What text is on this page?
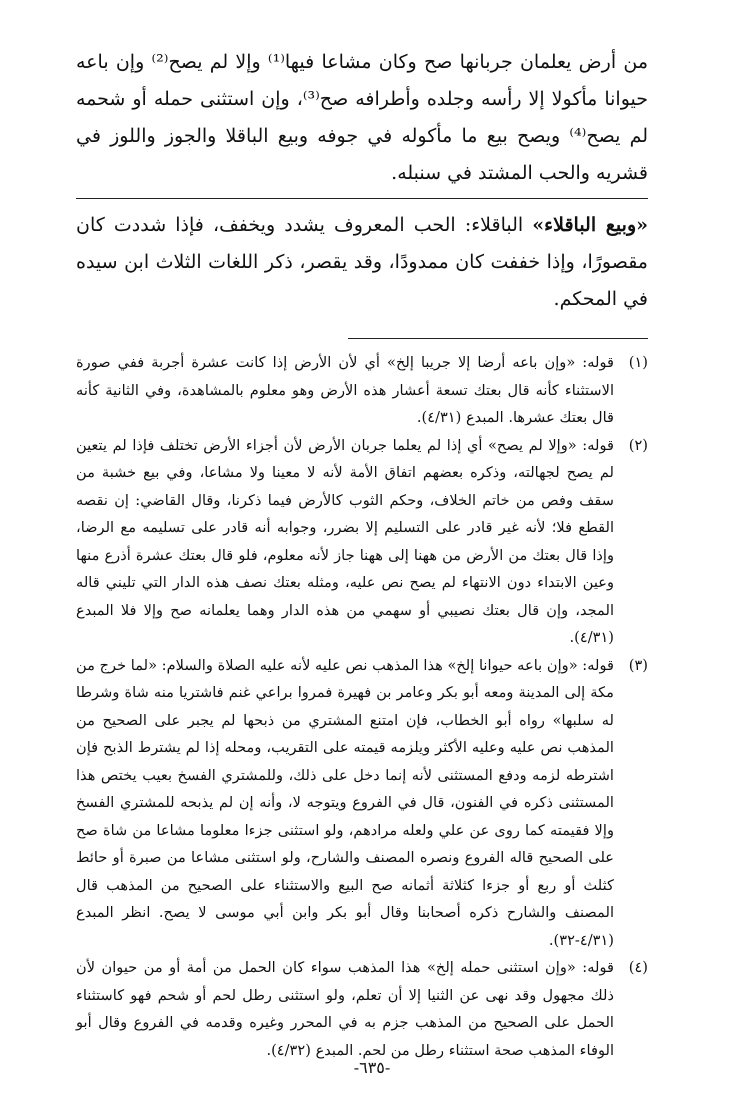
من أرض يعلمان جربانها صح وكان مشاعا فيها⁽¹⁾ وإلا لم يصح⁽²⁾ وإن باعه حيوانا مأكولا إلا رأسه وجلده وأطرافه صح⁽³⁾، وإن استثنى حمله أو شحمه لم يصح⁽⁴⁾ ويصح بيع ما مأكوله في جوفه وبيع الباقلا والجوز واللوز في قشريه والحب المشتد في سنبله.

«وبيع الباقلاء» الباقلاء: الحب المعروف يشدد ويخفف، فإذا شددت كان مقصورًا، وإذا خففت كان ممدودًا، وقد يقصر، ذكر اللغات الثلاث ابن سيده في المحكم.

(١)
قوله: «وإن باعه أرضا إلا جريبا إلخ» أي لأن الأرض إذا كانت عشرة أجربة ففي صورة الاستثناء كأنه قال بعتك تسعة أعشار هذه الأرض وهو معلوم بالمشاهدة، وفي الثانية كأنه قال بعتك عشرها. المبدع (٤/٣١).

(٢)
قوله: «وإلا لم يصح» أي إذا لم يعلما جربان الأرض لأن أجزاء الأرض تختلف فإذا لم يتعين لم يصح لجهالته، وذكره بعضهم اتفاق الأمة لأنه لا معينا ولا مشاعا، وفي بيع خشبة من سقف وفص من خاتم الخلاف، وحكم الثوب كالأرض فيما ذكرنا، وقال القاضي: إن نقصه القطع فلا؛ لأنه غير قادر على التسليم إلا بضرر، وجوابه أنه قادر على تسليمه مع الرضا، وإذا قال بعتك من الأرض من ههنا إلى ههنا جاز لأنه معلوم، فلو قال بعتك عشرة أذرع منها وعين الابتداء دون الانتهاء لم يصح نص عليه، ومثله بعتك نصف هذه الدار التي تليني قاله المجد، وإن قال بعتك نصيبي أو سهمي من هذه الدار وهما يعلمانه صح وإلا فلا المبدع (٤/٣١).

(٣)
قوله: «وإن باعه حيوانا إلخ» هذا المذهب نص عليه لأنه عليه الصلاة والسلام: «لما خرج من مكة إلى المدينة ومعه أبو بكر وعامر بن فهيرة فمروا براعي غنم فاشتريا منه شاة وشرطا له سلبها» رواه أبو الخطاب، فإن امتنع المشتري من ذبحها لم يجبر على الصحيح من المذهب نص عليه وعليه الأكثر ويلزمه قيمته على التقريب، ومحله إذا لم يشترط الذبح فإن اشترطه لزمه ودفع المستثنى لأنه إنما دخل على ذلك، وللمشتري الفسخ بعيب يختص هذا المستثنى ذكره في الفنون، قال في الفروع ويتوجه لا، وأنه إن لم يذبحه للمشتري الفسخ وإلا فقيمته كما روى عن علي ولعله مرادهم، ولو استثنى جزءا معلوما مشاعا من شاة صح على الصحيح قاله الفروع ونصره المصنف والشارح، ولو استثنى مشاعا من صبرة أو حائط كثلث أو ربع أو جزءا كثلاثة أثمانه صح البيع والاستثناء على الصحيح من المذهب قال المصنف والشارح ذكره أصحابنا وقال أبو بكر وابن أبي موسى لا يصح. انظر المبدع (٤/٣١-٣٢).

(٤)
قوله: «وإن استثنى حمله إلخ» هذا المذهب سواء كان الحمل من أمة أو من حيوان لأن ذلك مجهول وقد نهى عن الثنيا إلا أن تعلم، ولو استثنى رطل لحم أو شحم فهو كاستثناء الحمل على الصحيح من المذهب جزم به في المحرر وغيره وقدمه في الفروع وقال أبو الوفاء المذهب صحة استثناء رطل من لحم. المبدع (٤/٣٢).

-٦٣٥-
